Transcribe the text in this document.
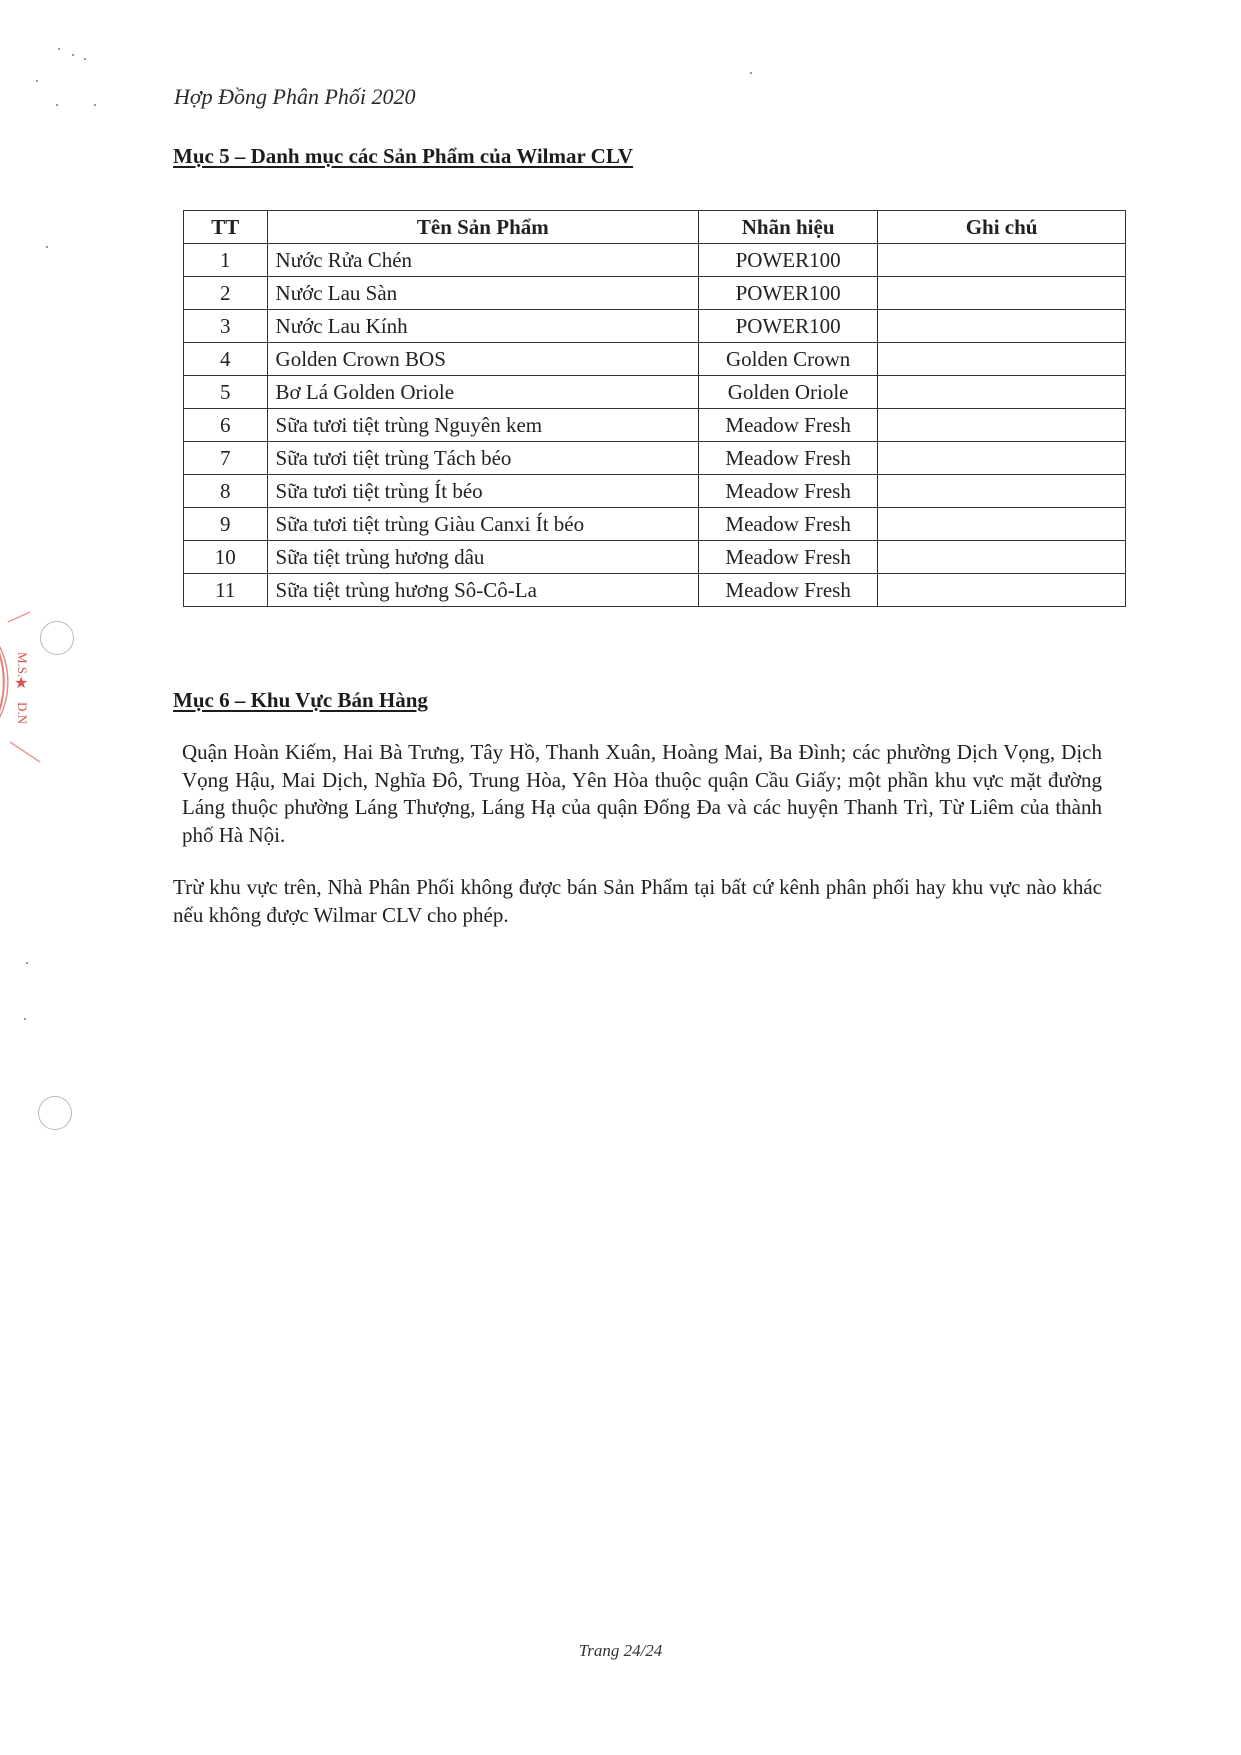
Hợp Đồng Phân Phối 2020
Mục 5 – Danh mục các Sản Phẩm của Wilmar CLV
TT	Tên Sản Phẩm	Nhãn hiệu	Ghi chú
1	Nước Rửa Chén	POWER100	
2	Nước Lau Sàn	POWER100	
3	Nước Lau Kính	POWER100	
4	Golden Crown BOS	Golden Crown	
5	Bơ Lá Golden Oriole	Golden Oriole	
6	Sữa tươi tiệt trùng Nguyên kem	Meadow Fresh	
7	Sữa tươi tiệt trùng Tách béo	Meadow Fresh	
8	Sữa tươi tiệt trùng Ít béo	Meadow Fresh	
9	Sữa tươi tiệt trùng Giàu Canxi Ít béo	Meadow Fresh	
10	Sữa tiệt trùng hương dâu	Meadow Fresh	
11	Sữa tiệt trùng hương Sô-Cô-La	Meadow Fresh	
Mục 6 – Khu Vực Bán Hàng
Quận Hoàn Kiếm, Hai Bà Trưng, Tây Hồ, Thanh Xuân, Hoàng Mai, Ba Đình; các phường Dịch Vọng, Dịch Vọng Hậu, Mai Dịch, Nghĩa Đô, Trung Hòa, Yên Hòa thuộc quận Cầu Giấy; một phần khu vực mặt đường Láng thuộc phường Láng Thượng, Láng Hạ của quận Đống Đa và các huyện Thanh Trì, Từ Liêm của thành phố Hà Nội.
Trừ khu vực trên, Nhà Phân Phối không được bán Sản Phẩm tại bất cứ kênh phân phối hay khu vực nào khác nếu không được Wilmar CLV cho phép.
Trang 24/24
M.S.
★
D.N
